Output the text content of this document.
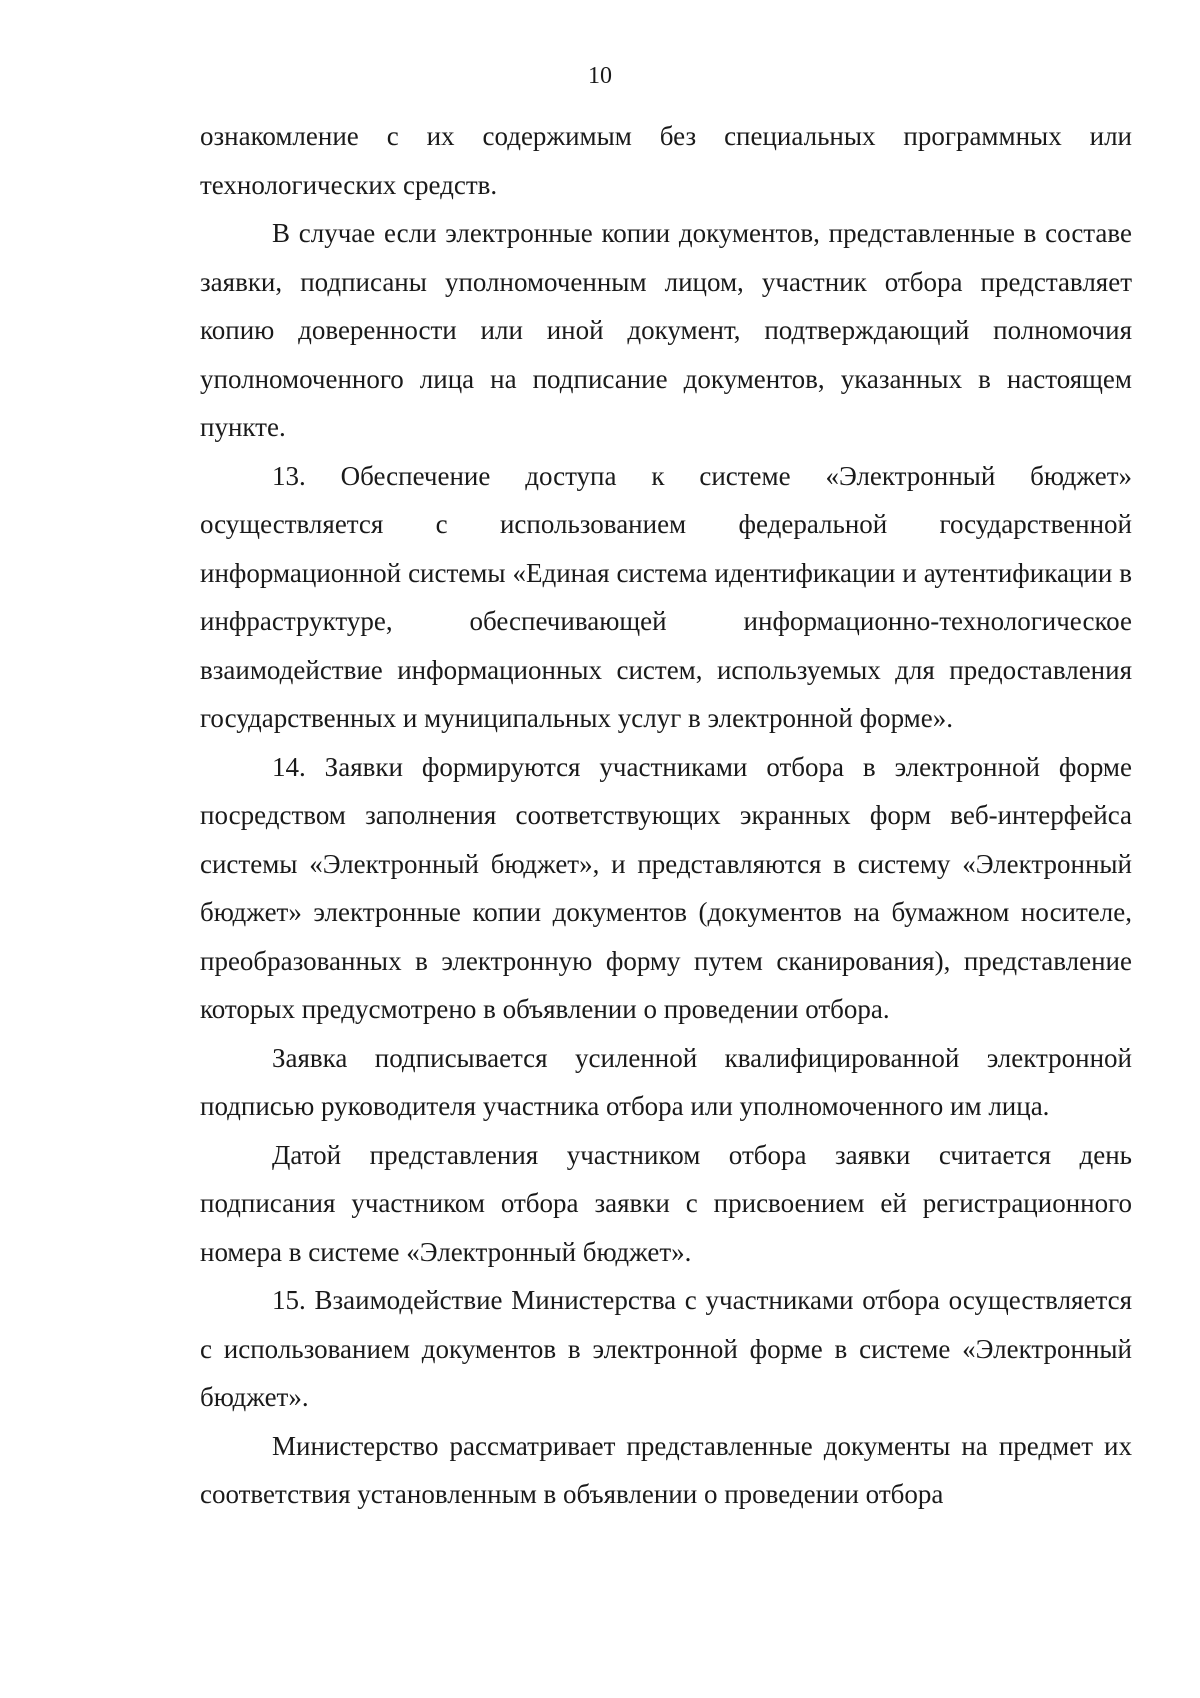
10

ознакомление с их содержимым без специальных программных или технологических средств.

В случае если электронные копии документов, представленные в составе заявки, подписаны уполномоченным лицом, участник отбора представляет копию доверенности или иной документ, подтверждающий полномочия уполномоченного лица на подписание документов, указанных в настоящем пункте.

13. Обеспечение доступа к системе «Электронный бюджет» осуществляется с использованием федеральной государственной информационной системы «Единая система идентификации и аутентификации в инфраструктуре, обеспечивающей информационно-технологическое взаимодействие информационных систем, используемых для предоставления государственных и муниципальных услуг в электронной форме».

14. Заявки формируются участниками отбора в электронной форме посредством заполнения соответствующих экранных форм веб-интерфейса системы «Электронный бюджет», и представляются в систему «Электронный бюджет» электронные копии документов (документов на бумажном носителе, преобразованных в электронную форму путем сканирования), представление которых предусмотрено в объявлении о проведении отбора.

Заявка подписывается усиленной квалифицированной электронной подписью руководителя участника отбора или уполномоченного им лица.

Датой представления участником отбора заявки считается день подписания участником отбора заявки с присвоением ей регистрационного номера в системе «Электронный бюджет».

15. Взаимодействие Министерства с участниками отбора осуществляется с использованием документов в электронной форме в системе «Электронный бюджет».

Министерство рассматривает представленные документы на предмет их соответствия установленным в объявлении о проведении отбора
